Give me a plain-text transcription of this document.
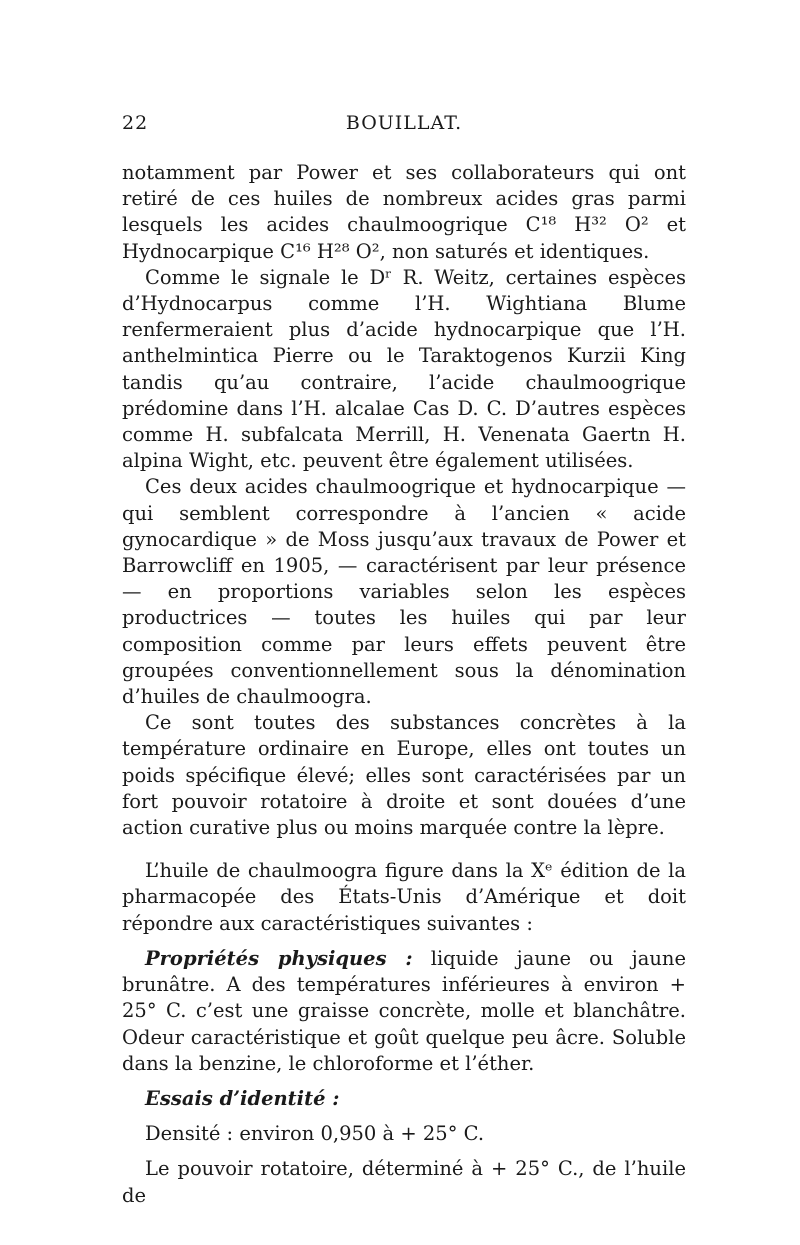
22	BOUILLAT.

notamment par Power et ses collaborateurs qui ont retiré de ces huiles de nombreux acides gras parmi lesquels les acides chaulmoogrique C¹⁸ H³² O² et Hydnocarpique C¹⁶ H²⁸ O², non saturés et identiques.

Comme le signale le Dʳ R. Weitz, certaines espèces d’Hydnocarpus comme l’H. Wightiana Blume renfermeraient plus d’acide hydnocarpique que l’H. anthelmintica Pierre ou le Taraktogenos Kurzii King tandis qu’au contraire, l’acide chaulmoogrique prédomine dans l’H. alcalae Cas D. C. D’autres espèces comme H. subfalcata Merrill, H. Venenata Gaertn H. alpina Wight, etc. peuvent être également utilisées.

Ces deux acides chaulmoogrique et hydnocarpique — qui semblent correspondre à l’ancien « acide gynocardique » de Moss jusqu’aux travaux de Power et Barrowcliff en 1905, — caractérisent par leur présence — en proportions variables selon les espèces productrices — toutes les huiles qui par leur composition comme par leurs effets peuvent être groupées conventionnellement sous la dénomination d’huiles de chaulmoogra.

Ce sont toutes des substances concrètes à la température ordinaire en Europe, elles ont toutes un poids spécifique élevé; elles sont caractérisées par un fort pouvoir rotatoire à droite et sont douées d’une action curative plus ou moins marquée contre la lèpre.

L’huile de chaulmoogra figure dans la Xᵉ édition de la pharmacopée des États-Unis d’Amérique et doit répondre aux caractéristiques suivantes :

Propriétés physiques : liquide jaune ou jaune brunâtre. A des températures inférieures à environ + 25° C. c’est une graisse concrète, molle et blanchâtre. Odeur caractéristique et goût quelque peu âcre. Soluble dans la benzine, le chloroforme et l’éther.

Essais d’identité :

Densité : environ 0,950 à + 25° C.

Le pouvoir rotatoire, déterminé à + 25° C., de l’huile de
